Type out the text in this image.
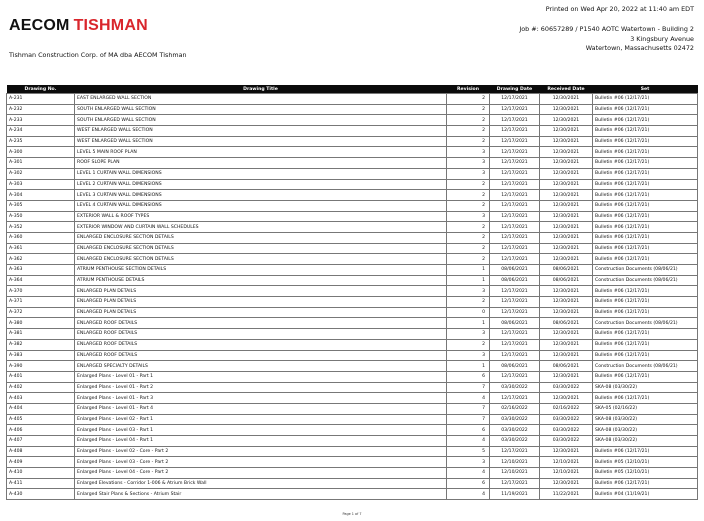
AECOM TISHMAN
Tishman Construction Corp. of MA dba AECOM Tishman
Printed on Wed Apr 20, 2022 at 11:40 am EDT
Job #: 60657289 / P1540 AOTC Watertown - Building 2
3 Kingsbury Avenue
Watertown, Massachusetts 02472
Drawing No.	Drawing Title	Revision	Drawing Date	Received Date	Set
A-231	EAST ENLARGED WALL SECTION	2	12/17/2021	12/30/2021	Bulletin #06 (12/17/21)
A-232	SOUTH ENLARGED WALL SECTION	2	12/17/2021	12/30/2021	Bulletin #06 (12/17/21)
A-233	SOUTH ENLARGED WALL SECTION	2	12/17/2021	12/30/2021	Bulletin #06 (12/17/21)
A-234	WEST ENLARGED WALL SECTION	2	12/17/2021	12/30/2021	Bulletin #06 (12/17/21)
A-235	WEST ENLARGED WALL SECTION	2	12/17/2021	12/30/2021	Bulletin #06 (12/17/21)
A-300	LEVEL 5 MAIN ROOF PLAN	3	12/17/2021	12/30/2021	Bulletin #06 (12/17/21)
A-301	ROOF SLOPE PLAN	3	12/17/2021	12/30/2021	Bulletin #06 (12/17/21)
A-302	LEVEL 1 CURTAIN WALL DIMENSIONS	3	12/17/2021	12/30/2021	Bulletin #06 (12/17/21)
A-303	LEVEL 2 CURTAIN WALL DIMENSIONS	2	12/17/2021	12/30/2021	Bulletin #06 (12/17/21)
A-304	LEVEL 3 CURTAIN WALL DIMENSIONS	2	12/17/2021	12/30/2021	Bulletin #06 (12/17/21)
A-305	LEVEL 4 CURTAIN WALL DIMENSIONS	2	12/17/2021	12/30/2021	Bulletin #06 (12/17/21)
A-350	EXTERIOR WALL & ROOF TYPES	3	12/17/2021	12/30/2021	Bulletin #06 (12/17/21)
A-352	EXTERIOR WINDOW AND CURTAIN WALL SCHEDULES	2	12/17/2021	12/30/2021	Bulletin #06 (12/17/21)
A-360	ENLARGED ENCLOSURE SECTION DETAILS	2	12/17/2021	12/30/2021	Bulletin #06 (12/17/21)
A-361	ENLARGED ENCLOSURE SECTION DETAILS	2	12/17/2021	12/30/2021	Bulletin #06 (12/17/21)
A-362	ENLARGED ENCLOSURE SECTION DETAILS	2	12/17/2021	12/30/2021	Bulletin #06 (12/17/21)
A-363	ATRIUM PENTHOUSE SECTION DETAILS	1	08/06/2021	08/06/2021	Construction Documents (08/06/21)
A-364	ATRIUM PENTHOUSE DETAILS	1	08/06/2021	08/06/2021	Construction Documents (08/06/21)
A-370	ENLARGED PLAN DETAILS	3	12/17/2021	12/30/2021	Bulletin #06 (12/17/21)
A-371	ENLARGED PLAN DETAILS	2	12/17/2021	12/30/2021	Bulletin #06 (12/17/21)
A-372	ENLARGED PLAN DETAILS	0	12/17/2021	12/30/2021	Bulletin #06 (12/17/21)
A-380	ENLARGED ROOF DETAILS	1	08/06/2021	08/06/2021	Construction Documents (08/06/21)
A-381	ENLARGED ROOF DETAILS	3	12/17/2021	12/30/2021	Bulletin #06 (12/17/21)
A-382	ENLARGED ROOF DETAILS	2	12/17/2021	12/30/2021	Bulletin #06 (12/17/21)
A-383	ENLARGED ROOF DETAILS	3	12/17/2021	12/30/2021	Bulletin #06 (12/17/21)
A-390	ENLARGED SPECIALTY DETAILS	1	08/06/2021	08/06/2021	Construction Documents (08/06/21)
A-401	Enlarged Plans - Level 01 - Part 1	6	12/17/2021	12/30/2021	Bulletin #06 (12/17/21)
A-402	Enlarged Plans - Level 01 - Part 2	7	03/30/2022	03/30/2022	SKA-08 (03/30/22)
A-403	Enlarged Plans - Level 01 - Part 3	4	12/17/2021	12/30/2021	Bulletin #06 (12/17/21)
A-404	Enlarged Plans - Level 01 - Part 4	7	02/16/2022	02/16/2022	SKA-05 (02/16/22)
A-405	Enlarged Plans - Level 02 - Part 1	7	03/30/2022	03/30/2022	SKA-08 (03/30/22)
A-406	Enlarged Plans - Level 03 - Part 1	6	03/30/2022	03/30/2022	SKA-08 (03/30/22)
A-407	Enlarged Plans - Level 04 - Part 1	4	03/30/2022	03/30/2022	SKA-08 (03/30/22)
A-408	Enlarged Plans - Level 02 - Core - Part 2	5	12/17/2021	12/30/2021	Bulletin #06 (12/17/21)
A-409	Enlarged Plans - Level 03 - Core - Part 2	3	12/10/2021	12/10/2021	Bulletin #05 (12/10/21)
A-410	Enlarged Plans - Level 04 - Core - Part 2	4	12/10/2021	12/10/2021	Bulletin #05 (12/10/21)
A-411	Enlarged Elevations - Corridor 1-006 & Atrium Brick Wall	6	12/17/2021	12/30/2021	Bulletin #06 (12/17/21)
A-430	Enlarged Stair Plans & Sections - Atrium Stair	4	11/19/2021	11/22/2021	Bulletin #04 (11/19/21)
Page 1 of 7
